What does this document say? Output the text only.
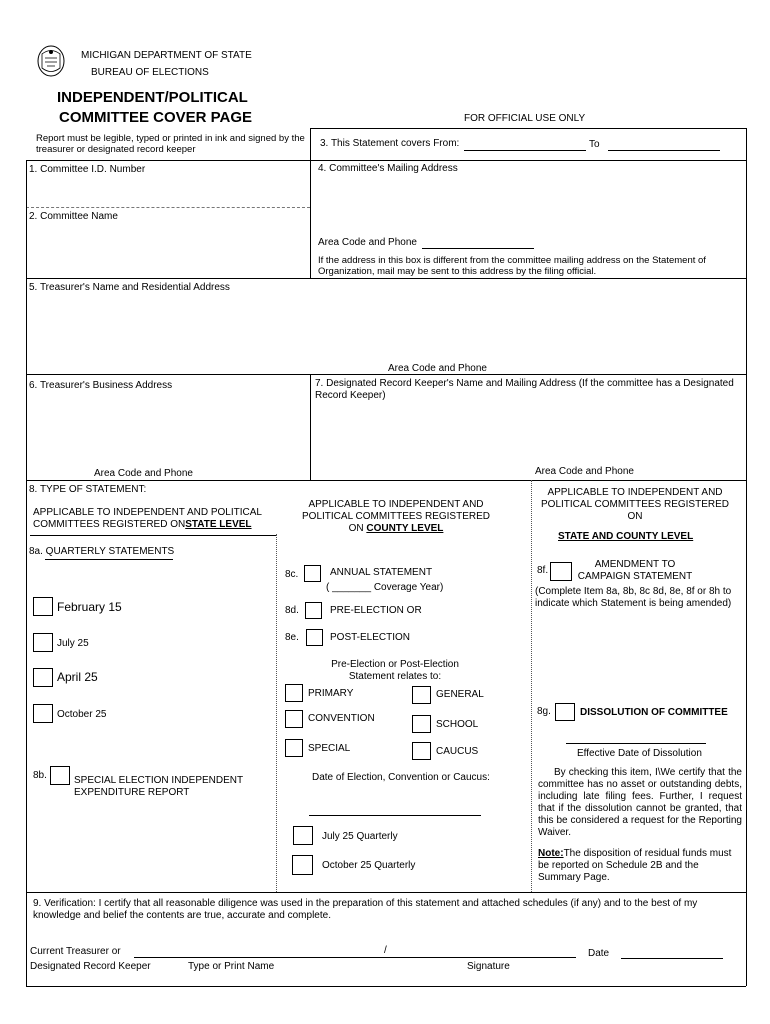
MICHIGAN DEPARTMENT OF STATE
BUREAU OF ELECTIONS
INDEPENDENT/POLITICAL
COMMITTEE COVER PAGE	FOR OFFICIAL USE ONLY
Report must be legible, typed or printed in ink and signed by the treasurer or designated record keeper
3. This Statement covers From:	To
1. Committee I.D. Number	4. Committee's Mailing Address
2. Committee Name
Area Code and Phone
If the address in this box is different from the committee mailing address on the Statement of Organization, mail may be sent to this address by the filing official.
5. Treasurer's Name and Residential Address
Area Code and Phone
6. Treasurer's Business Address
Area Code and Phone
7. Designated Record Keeper's Name and Mailing Address (If the committee has a Designated Record Keeper)
Area Code and Phone
8. TYPE OF STATEMENT:
APPLICABLE TO INDEPENDENT AND POLITICAL COMMITTEES REGISTERED ONSTATE LEVEL
8a. QUARTERLY STATEMENTS
February 15
July 25
April 25
October 25
8b.	SPECIAL ELECTION INDEPENDENT EXPENDITURE REPORT
APPLICABLE TO INDEPENDENT AND POLITICAL COMMITTEES REGISTERED ON COUNTY LEVEL
8c.	ANNUAL STATEMENT
( _______ Coverage Year)
8d.	PRE-ELECTION OR
8e.	POST-ELECTION
Pre-Election or Post-Election Statement relates to:
PRIMARY	GENERAL
CONVENTION
SCHOOL
SPECIAL	CAUCUS
Date of Election, Convention or Caucus:
July 25 Quarterly
October 25 Quarterly
APPLICABLE TO INDEPENDENT AND POLITICAL COMMITTEES REGISTERED ON
STATE AND COUNTY LEVEL
8f.
AMENDMENT TO CAMPAIGN STATEMENT
(Complete Item 8a, 8b, 8c 8d, 8e, 8f or 8h to indicate which Statement is being amended)
8g.	DISSOLUTION OF COMMITTEE
Effective Date of Dissolution
By checking this item, I\We certify that the committee has no asset or outstanding debts, including late filing fees. Further, I request that if the dissolution cannot be granted, that this be considered a request for the Reporting Waiver.
Note:The disposition of residual funds must be reported on Schedule 2B and the Summary Page.
9. Verification: I certify that all reasonable diligence was used in the preparation of this statement and attached schedules (if any) and to the best of my knowledge and belief the contents are true, accurate and complete.
Current Treasurer or
Designated Record Keeper
/
Type or Print Name	Signature
Date
